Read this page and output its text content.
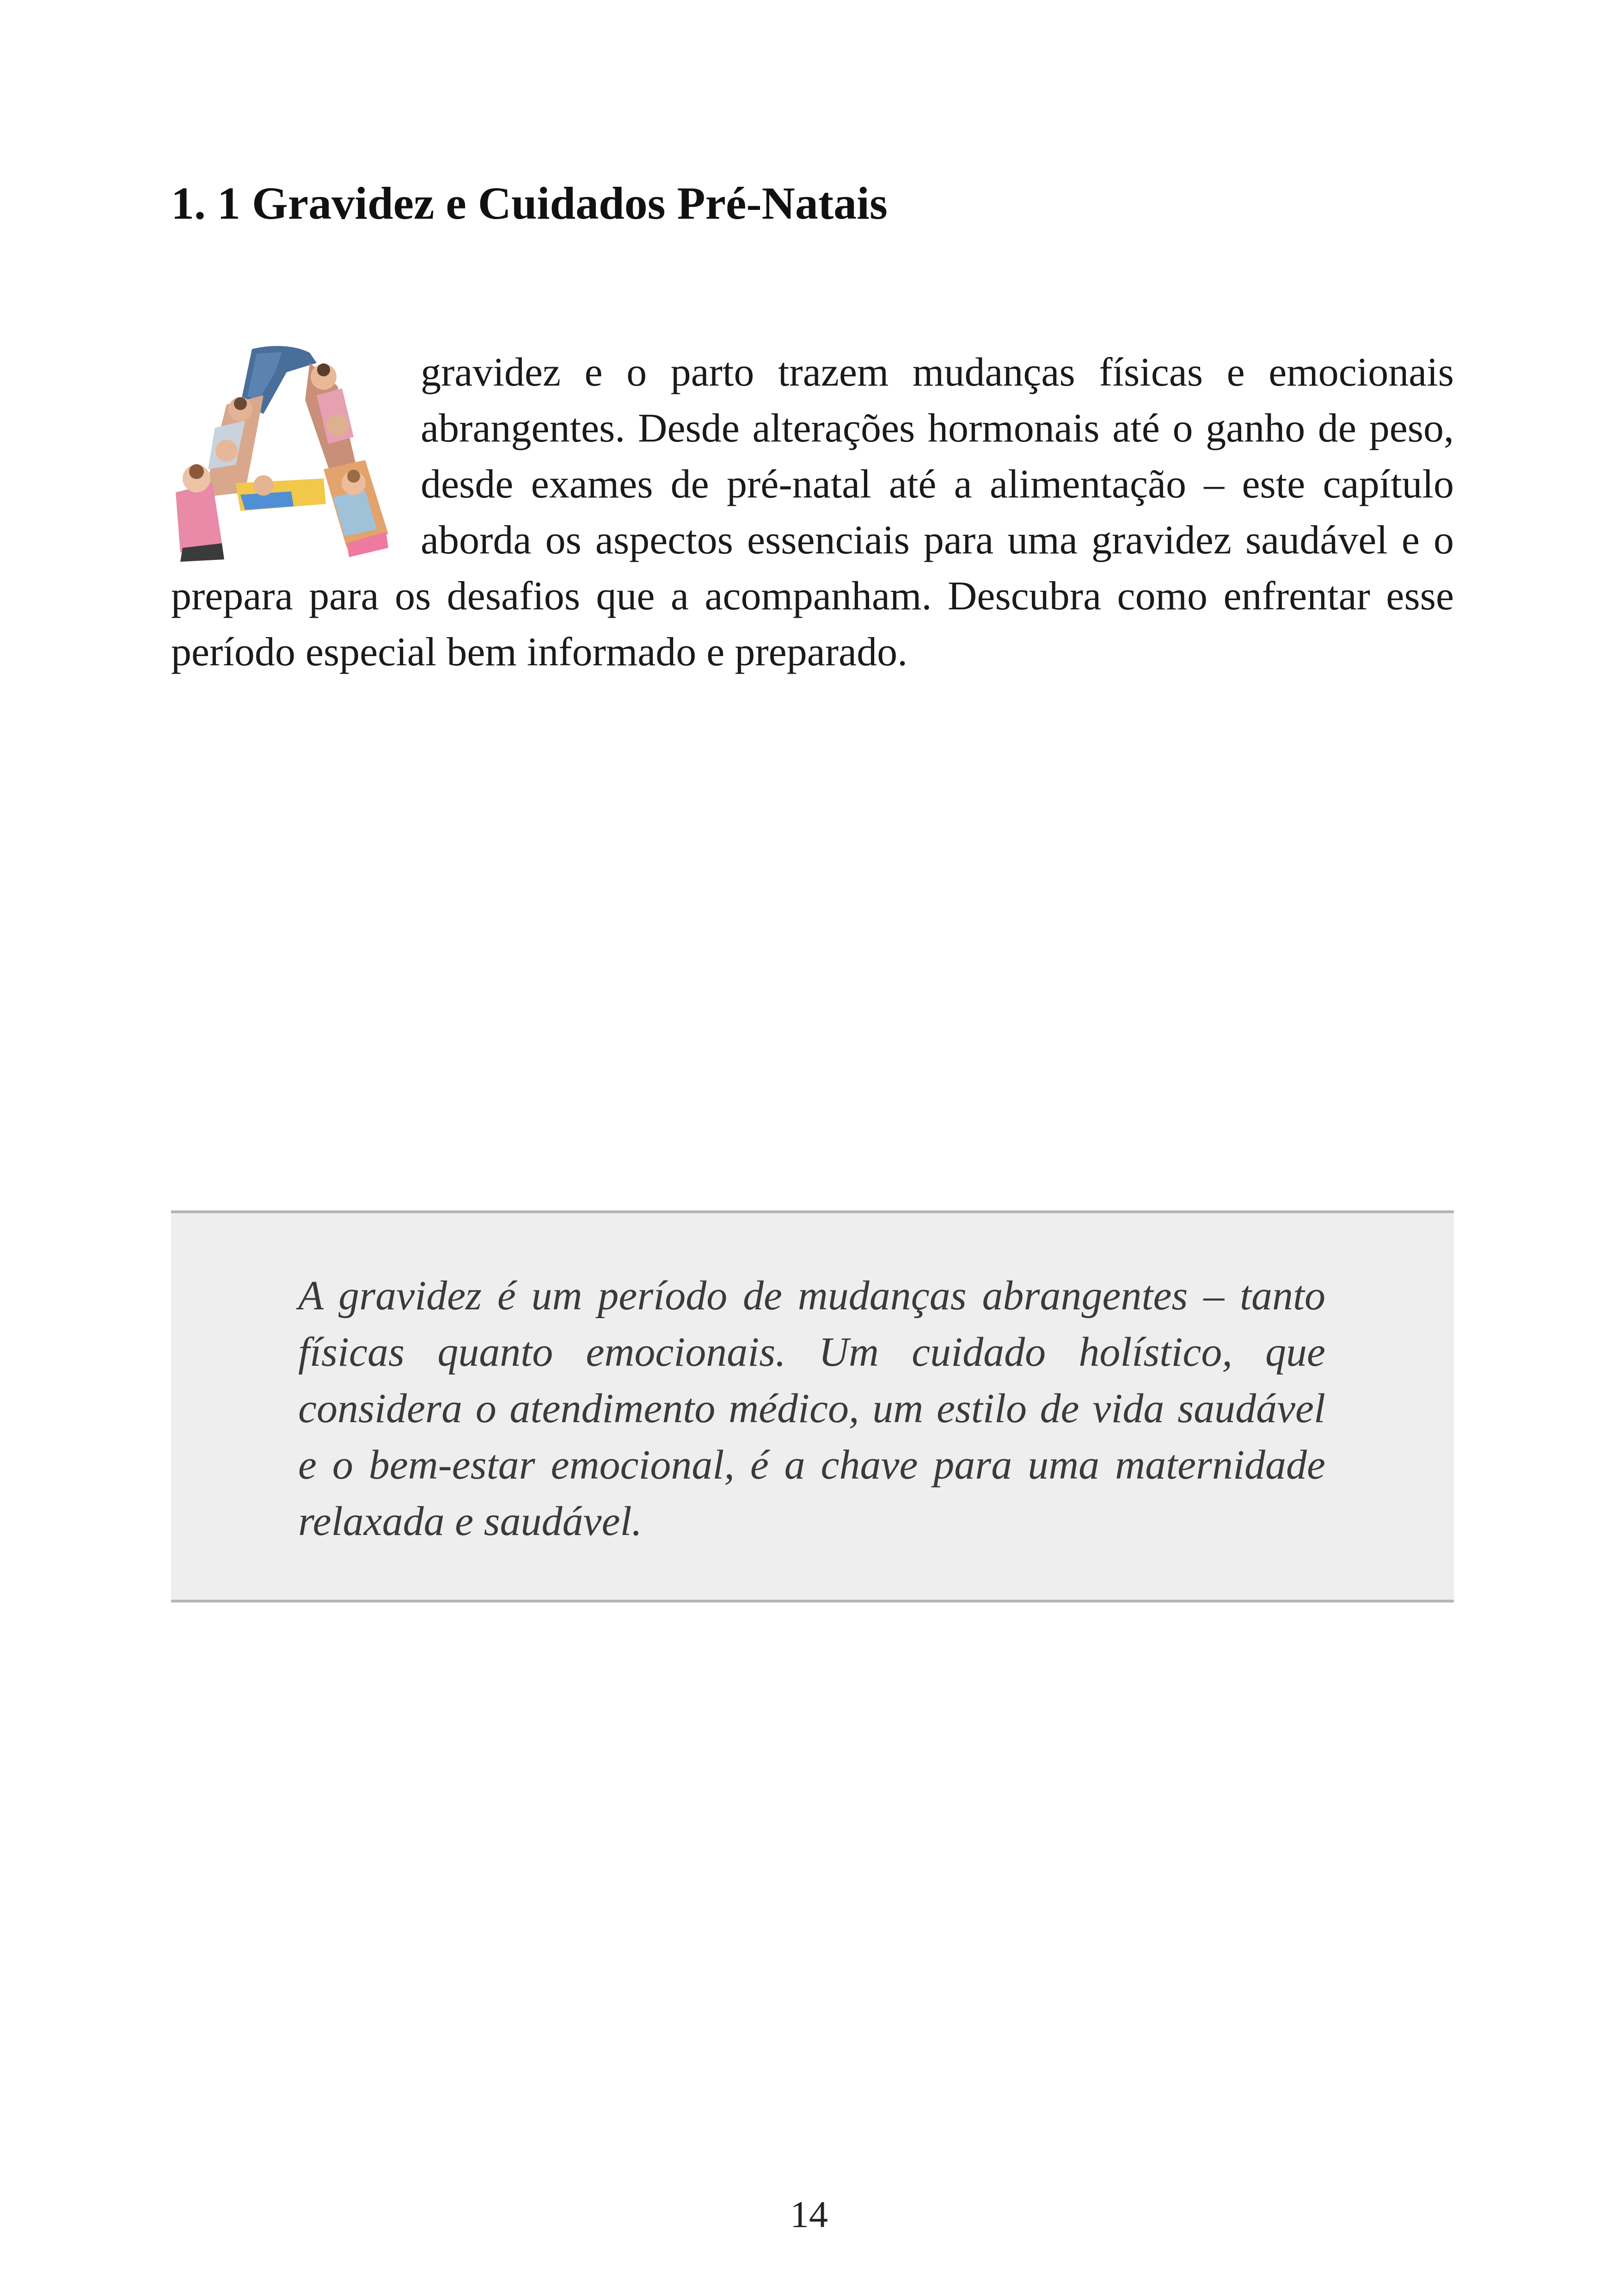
1. 1 Gravidez e Cuidados Pré-Natais
gravidez e o parto trazem mudanças físicas e emocionais abrangentes. Desde alterações hormonais até o ganho de peso, desde exames de pré-natal até a alimentação – este capítulo aborda os aspectos essenciais para uma gravidez saudável e o prepara para os desafios que a acompanham. Descubra como enfrentar esse período especial bem informado e preparado.

A gravidez é um período de mudanças abrangentes – tanto físicas quanto emocionais. Um cuidado holístico, que considera o atendimento médico, um estilo de vida saudável e o bem-estar emocional, é a chave para uma maternidade relaxada e saudável.

14
